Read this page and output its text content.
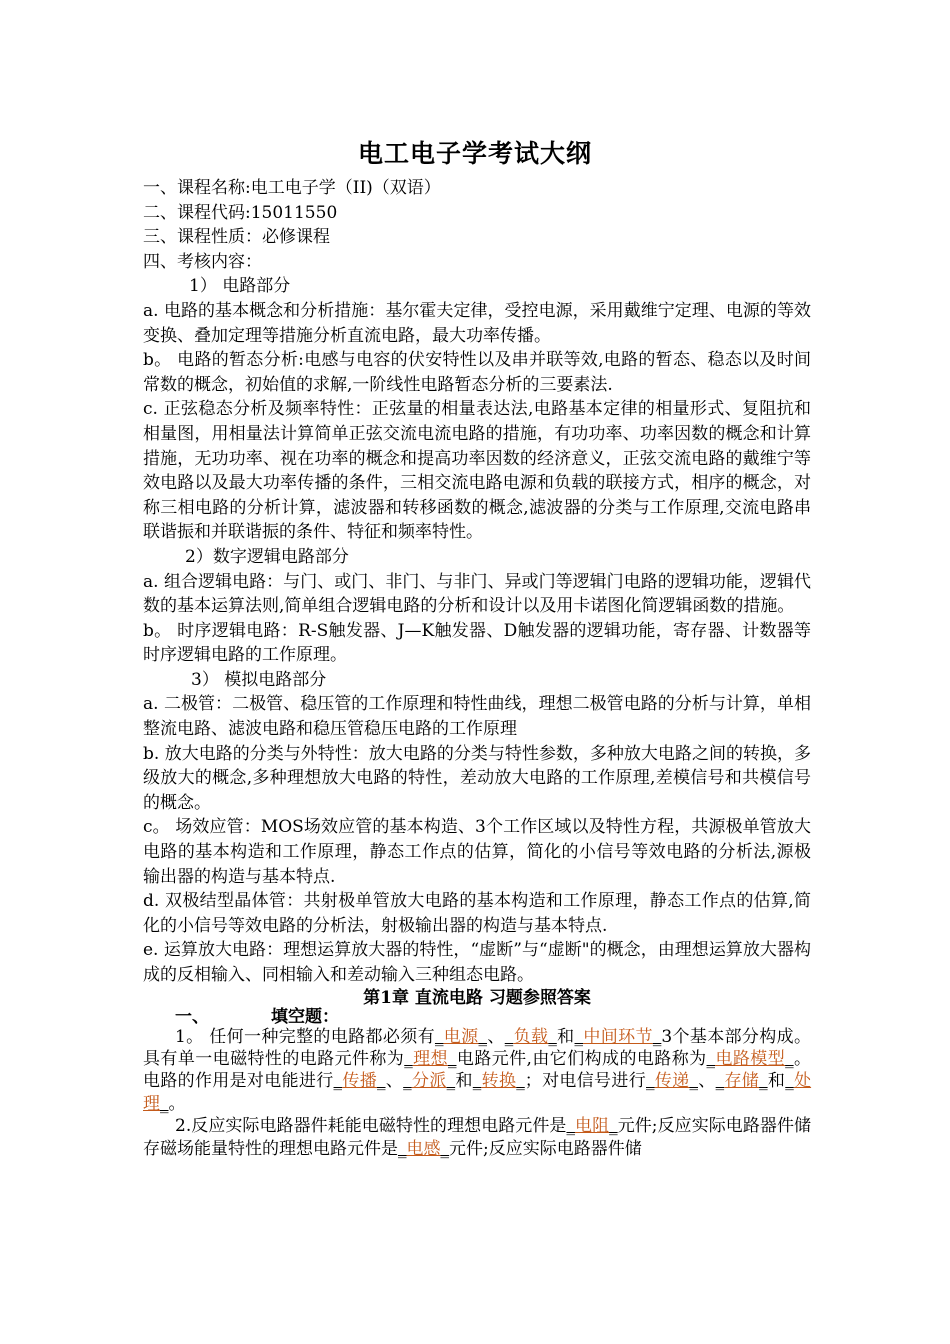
电工电子学考试大纲

一、课程名称:电工电子学（II)（双语）

二、课程代码:15011550

三、课程性质：必修课程

四、考核内容：

1） 电路部分

a. 电路的基本概念和分析措施：基尔霍夫定律，受控电源，采用戴维宁定理、电源的等效变换、叠加定理等措施分析直流电路，最大功率传播。

b。 电路的暂态分析:电感与电容的伏安特性以及串并联等效,电路的暂态、稳态以及时间常数的概念，初始值的求解,一阶线性电路暂态分析的三要素法.

c. 正弦稳态分析及频率特性：正弦量的相量表达法,电路基本定律的相量形式、复阻抗和相量图，用相量法计算简单正弦交流电流电路的措施，有功功率、功率因数的概念和计算措施，无功功率、视在功率的概念和提高功率因数的经济意义，正弦交流电路的戴维宁等效电路以及最大功率传播的条件，三相交流电路电源和负载的联接方式，相序的概念，对称三相电路的分析计算，滤波器和转移函数的概念,滤波器的分类与工作原理,交流电路串联谐振和并联谐振的条件、特征和频率特性。

2）数字逻辑电路部分

a. 组合逻辑电路：与门、或门、非门、与非门、异或门等逻辑门电路的逻辑功能，逻辑代数的基本运算法则,简单组合逻辑电路的分析和设计以及用卡诺图化简逻辑函数的措施。

b。 时序逻辑电路：R-S触发器、J—K触发器、D触发器的逻辑功能，寄存器、计数器等时序逻辑电路的工作原理。

3） 模拟电路部分

a. 二极管：二极管、稳压管的工作原理和特性曲线，理想二极管电路的分析与计算，单相整流电路、滤波电路和稳压管稳压电路的工作原理

b. 放大电路的分类与外特性：放大电路的分类与特性参数，多种放大电路之间的转换，多级放大的概念,多种理想放大电路的特性，差动放大电路的工作原理,差模信号和共模信号的概念。

c。 场效应管：MOS场效应管的基本构造、3个工作区域以及特性方程，共源极单管放大电路的基本构造和工作原理，静态工作点的估算，简化的小信号等效电路的分析法,源极输出器的构造与基本特点.

d. 双极结型晶体管：共射极单管放大电路的基本构造和工作原理，静态工作点的估算,简化的小信号等效电路的分析法，射极输出器的构造与基本特点.

e. 运算放大电路：理想运算放大器的特性，“虚断”与“虚断"的概念，由理想运算放大器构成的反相输入、同相输入和差动输入三种组态电路。

第1章 直流电路 习题参照答案

一、	填空题：

1。 任何一种完整的电路都必须有_电源_、_负载_和_中间环节_3个基本部分构成。具有单一电磁特性的电路元件称为_理想_电路元件,由它们构成的电路称为_电路模型_。电路的作用是对电能进行_传播_、_分派_和_转换_；对电信号进行_传递_、_存储_和_处理_。

2.反应实际电路器件耗能电磁特性的理想电路元件是_电阻_元件;反应实际电路器件储存磁场能量特性的理想电路元件是_电感_元件;反应实际电路器件储
